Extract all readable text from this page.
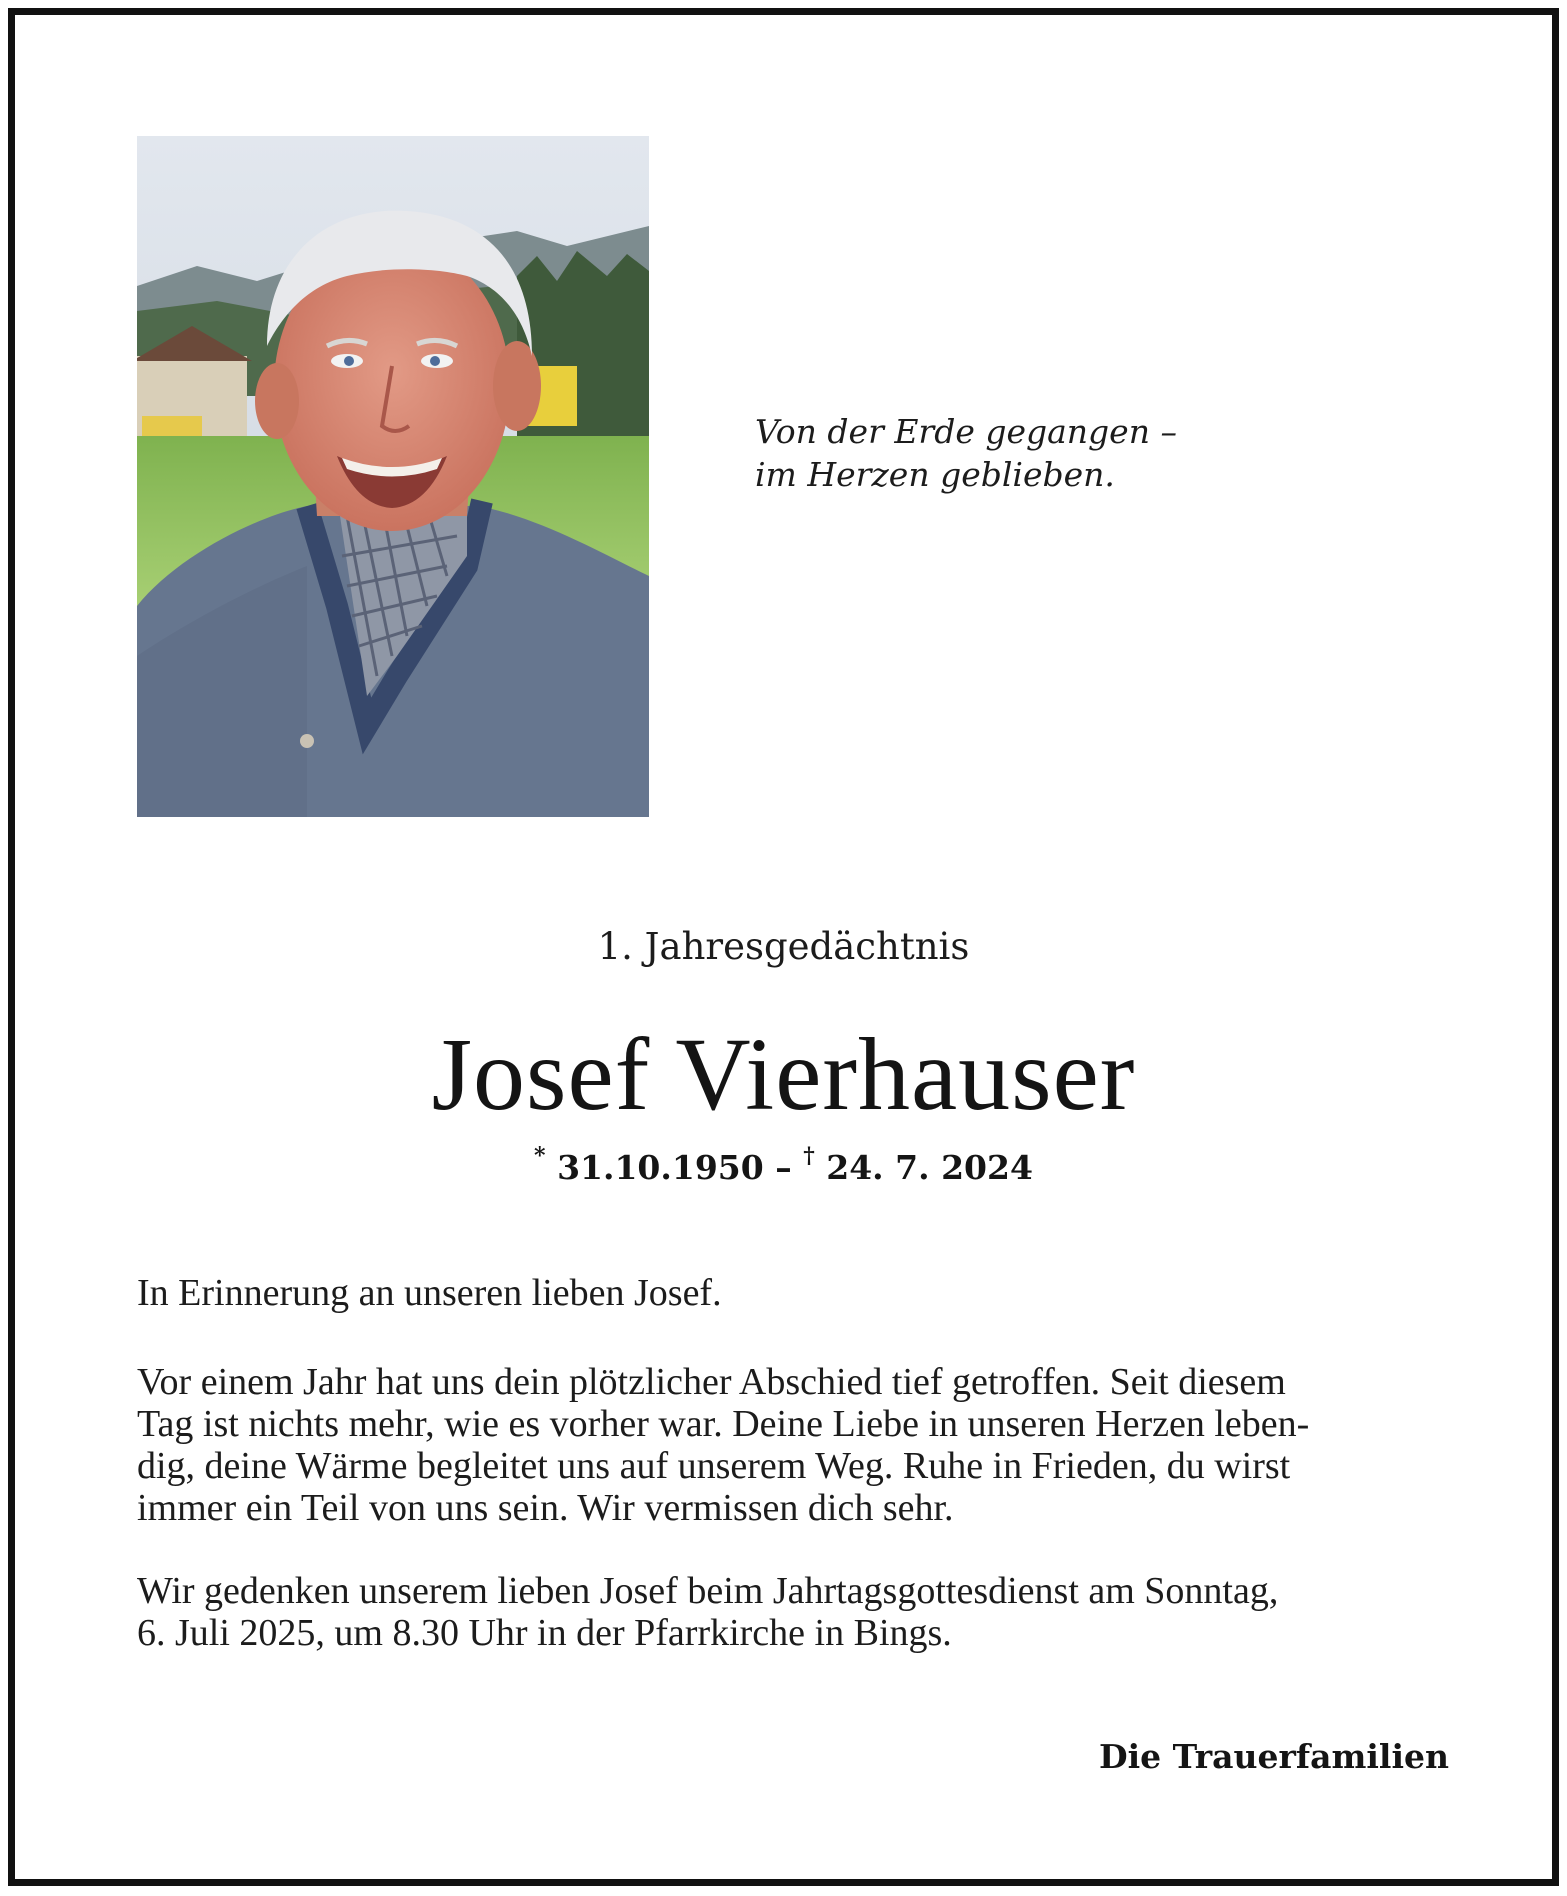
Von der Erde gegangen –
im Herzen geblieben.
1. Jahresgedächtnis
Josef Vierhauser
* 31.10.1950 – † 24. 7. 2024
In Erinnerung an unseren lieben Josef.
Vor einem Jahr hat uns dein plötzlicher Abschied tief getroffen. Seit diesem
Tag ist nichts mehr, wie es vorher war. Deine Liebe in unseren Herzen leben-
dig, deine Wärme begleitet uns auf unserem Weg. Ruhe in Frieden, du wirst
immer ein Teil von uns sein. Wir vermissen dich sehr.
Wir gedenken unserem lieben Josef beim Jahrtagsgottesdienst am Sonntag,
6. Juli 2025, um 8.30 Uhr in der Pfarrkirche in Bings.
Die Trauerfamilien
